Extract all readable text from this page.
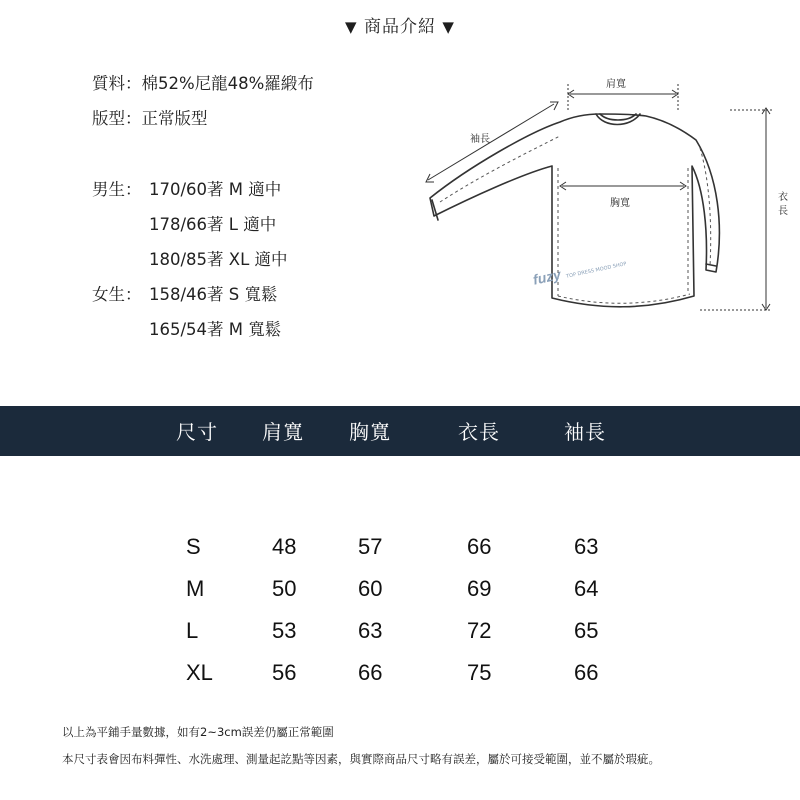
▼ 商品介紹 ▼
質料：棉52%尼龍48%羅緞布
版型：正常版型
男生： 170/60著 M 適中
178/66著 L 適中
180/85著 XL 適中
女生： 158/46著 S 寬鬆
165/54著 M 寬鬆
肩寬
袖長
胸寬
衣
長
fuzy TOP DRESS MOOD SHOP
尺寸 肩寬 胸寬	衣長	袖長
S	48	57	66	63
M	50	60	69	64
L	53	63	72	65
XL	56	66	75	66
以上為平鋪手量數據，如有2~3cm誤差仍屬正常範圍
本尺寸表會因布料彈性、水洗處理、測量起訖點等因素，與實際商品尺寸略有誤差，屬於可接受範圍，並不屬於瑕疵。
